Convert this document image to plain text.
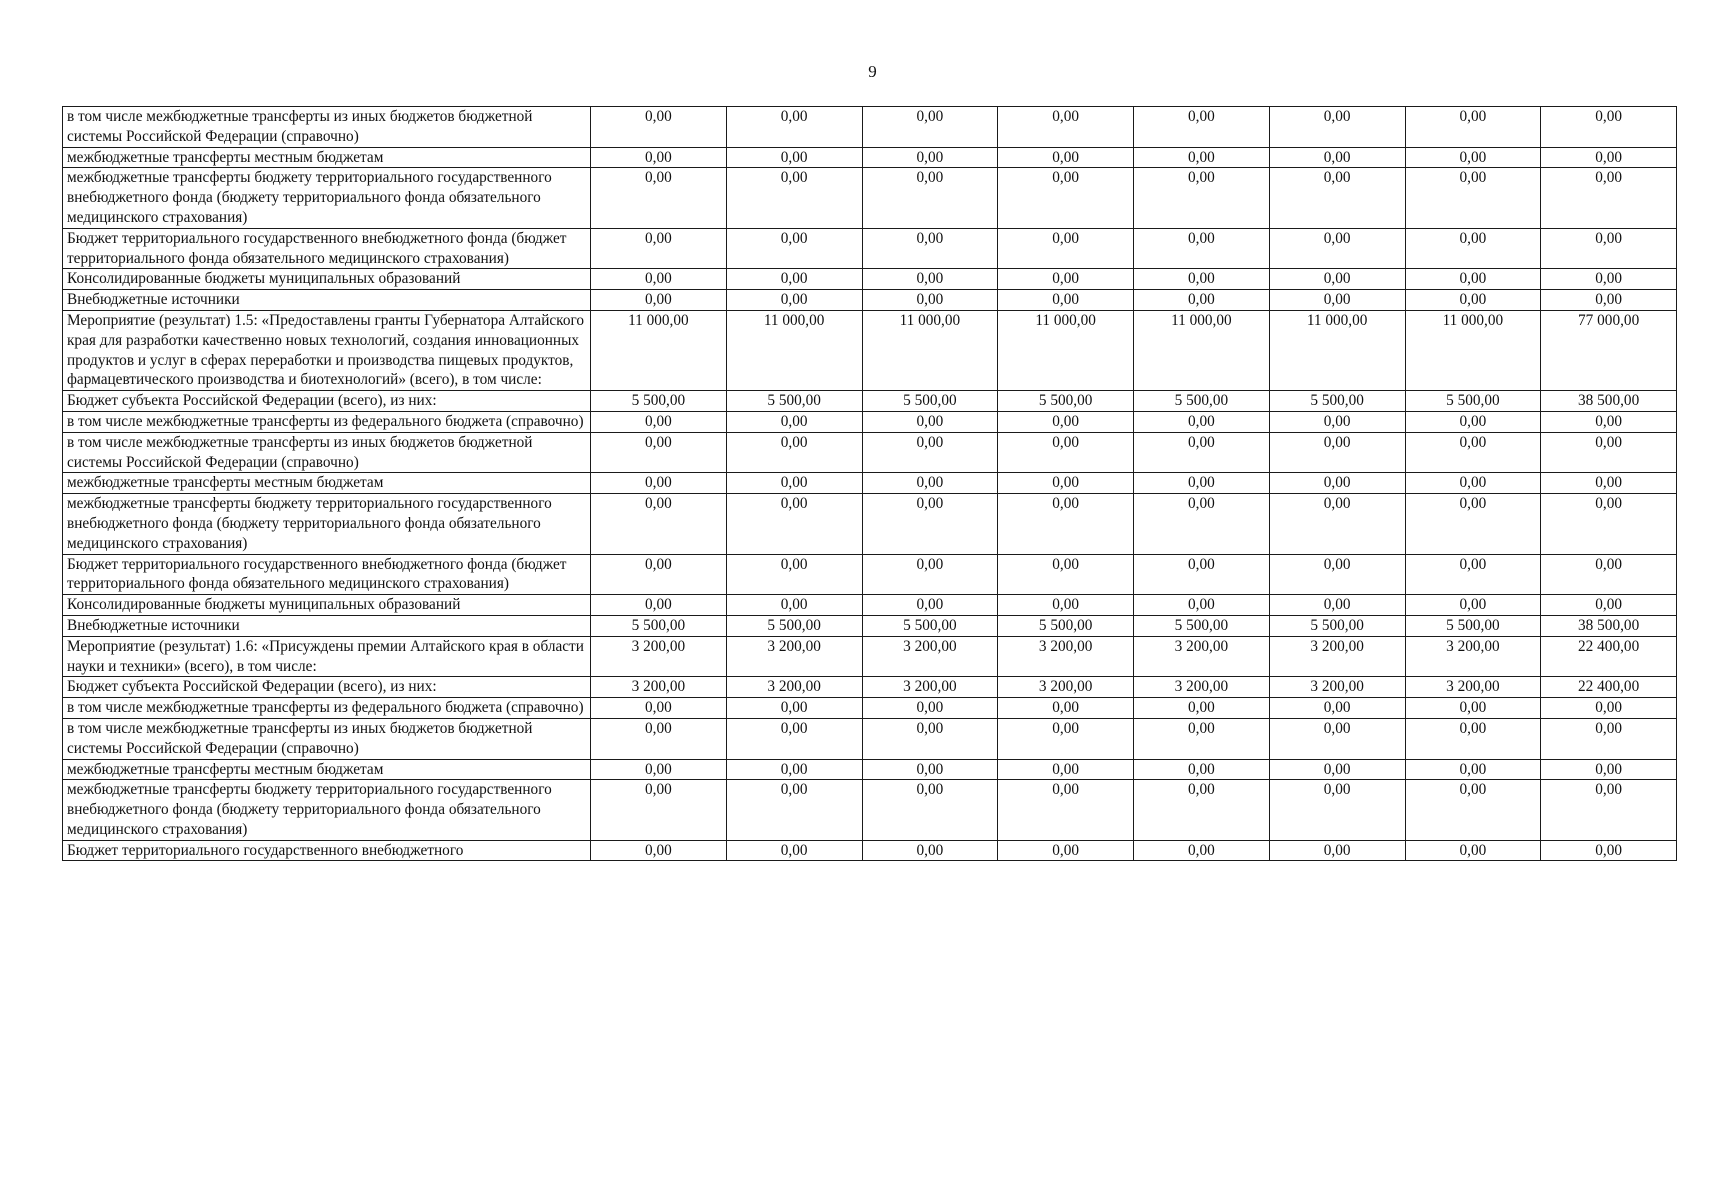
9
в том числе межбюджетные трансферты из иных бюджетов бюджетной системы Российской Федерации (справочно)	0,00	0,00	0,00	0,00	0,00	0,00	0,00	0,00
межбюджетные трансферты местным бюджетам	0,00	0,00	0,00	0,00	0,00	0,00	0,00	0,00
межбюджетные трансферты бюджету территориального государственного внебюджетного фонда (бюджету территориального фонда обязательного медицинского страхования)	0,00	0,00	0,00	0,00	0,00	0,00	0,00	0,00
Бюджет территориального государственного внебюджетного фонда (бюджет территориального фонда обязательного медицинского страхования)	0,00	0,00	0,00	0,00	0,00	0,00	0,00	0,00
Консолидированные бюджеты муниципальных образований	0,00	0,00	0,00	0,00	0,00	0,00	0,00	0,00
Внебюджетные источники	0,00	0,00	0,00	0,00	0,00	0,00	0,00	0,00
Мероприятие (результат) 1.5: «Предоставлены гранты Губернатора Алтайского края для разработки качественно новых технологий, создания инновационных продуктов и услуг в сферах переработки и производства пищевых продуктов, фармацевтического производства и биотехнологий» (всего), в том числе:	11 000,00	11 000,00	11 000,00	11 000,00	11 000,00	11 000,00	11 000,00	77 000,00
Бюджет субъекта Российской Федерации (всего), из них:	5 500,00	5 500,00	5 500,00	5 500,00	5 500,00	5 500,00	5 500,00	38 500,00
в том числе межбюджетные трансферты из федерального бюджета (справочно)	0,00	0,00	0,00	0,00	0,00	0,00	0,00	0,00
в том числе межбюджетные трансферты из иных бюджетов бюджетной системы Российской Федерации (справочно)	0,00	0,00	0,00	0,00	0,00	0,00	0,00	0,00
межбюджетные трансферты местным бюджетам	0,00	0,00	0,00	0,00	0,00	0,00	0,00	0,00
межбюджетные трансферты бюджету территориального государственного внебюджетного фонда (бюджету территориального фонда обязательного медицинского страхования)	0,00	0,00	0,00	0,00	0,00	0,00	0,00	0,00
Бюджет территориального государственного внебюджетного фонда (бюджет территориального фонда обязательного медицинского страхования)	0,00	0,00	0,00	0,00	0,00	0,00	0,00	0,00
Консолидированные бюджеты муниципальных образований	0,00	0,00	0,00	0,00	0,00	0,00	0,00	0,00
Внебюджетные источники	5 500,00	5 500,00	5 500,00	5 500,00	5 500,00	5 500,00	5 500,00	38 500,00
Мероприятие (результат) 1.6: «Присуждены премии Алтайского края в области науки и техники» (всего), в том числе:	3 200,00	3 200,00	3 200,00	3 200,00	3 200,00	3 200,00	3 200,00	22 400,00
Бюджет субъекта Российской Федерации (всего), из них:	3 200,00	3 200,00	3 200,00	3 200,00	3 200,00	3 200,00	3 200,00	22 400,00
в том числе межбюджетные трансферты из федерального бюджета (справочно)	0,00	0,00	0,00	0,00	0,00	0,00	0,00	0,00
в том числе межбюджетные трансферты из иных бюджетов бюджетной системы Российской Федерации (справочно)	0,00	0,00	0,00	0,00	0,00	0,00	0,00	0,00
межбюджетные трансферты местным бюджетам	0,00	0,00	0,00	0,00	0,00	0,00	0,00	0,00
межбюджетные трансферты бюджету территориального государственного внебюджетного фонда (бюджету территориального фонда обязательного медицинского страхования)	0,00	0,00	0,00	0,00	0,00	0,00	0,00	0,00
Бюджет территориального государственного внебюджетного	0,00	0,00	0,00	0,00	0,00	0,00	0,00	0,00
